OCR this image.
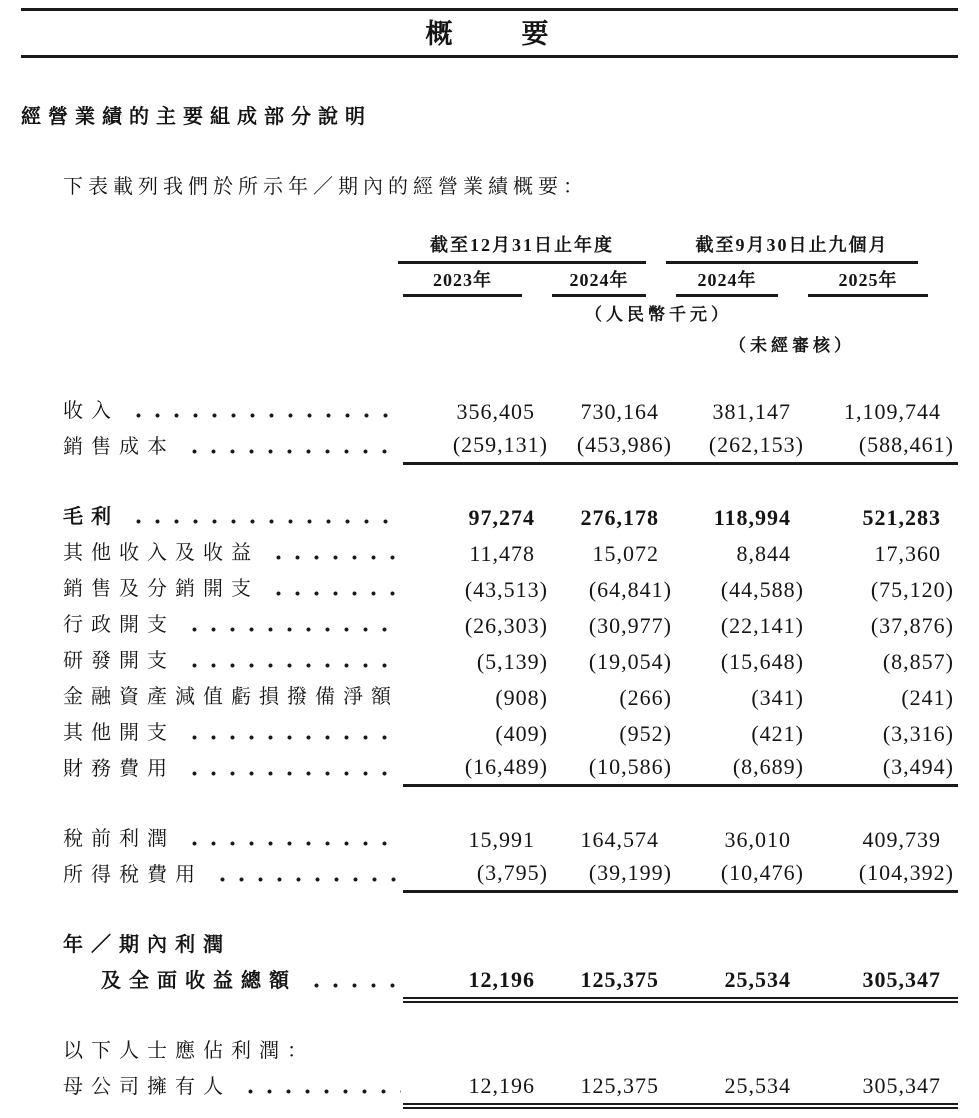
概　　要
經營業績的主要組成部分說明

下表載列我們於所示年／期內的經營業績概要：

截至12月31日止年度	截至9月30日止九個月
2023年	2024年	2024年	2025年
（人民幣千元）
（未經審核）
收入	356,405	730,164	381,147	1,109,744
銷售成本	(259,131)	(453,986)	(262,153)	(588,461)
毛利	97,274	276,178	118,994	521,283
其他收入及收益	11,478	15,072	8,844	17,360
銷售及分銷開支	(43,513)	(64,841)	(44,588)	(75,120)
行政開支	(26,303)	(30,977)	(22,141)	(37,876)
研發開支	(5,139)	(19,054)	(15,648)	(8,857)
金融資產減值虧損撥備淨額	(908)	(266)	(341)	(241)
其他開支	(409)	(952)	(421)	(3,316)
財務費用	(16,489)	(10,586)	(8,689)	(3,494)
稅前利潤	15,991	164,574	36,010	409,739
所得稅費用	(3,795)	(39,199)	(10,476)	(104,392)
年／期內利潤
及全面收益總額	12,196	125,375	25,534	305,347
以下人士應佔利潤：
母公司擁有人	12,196	125,375	25,534	305,347
